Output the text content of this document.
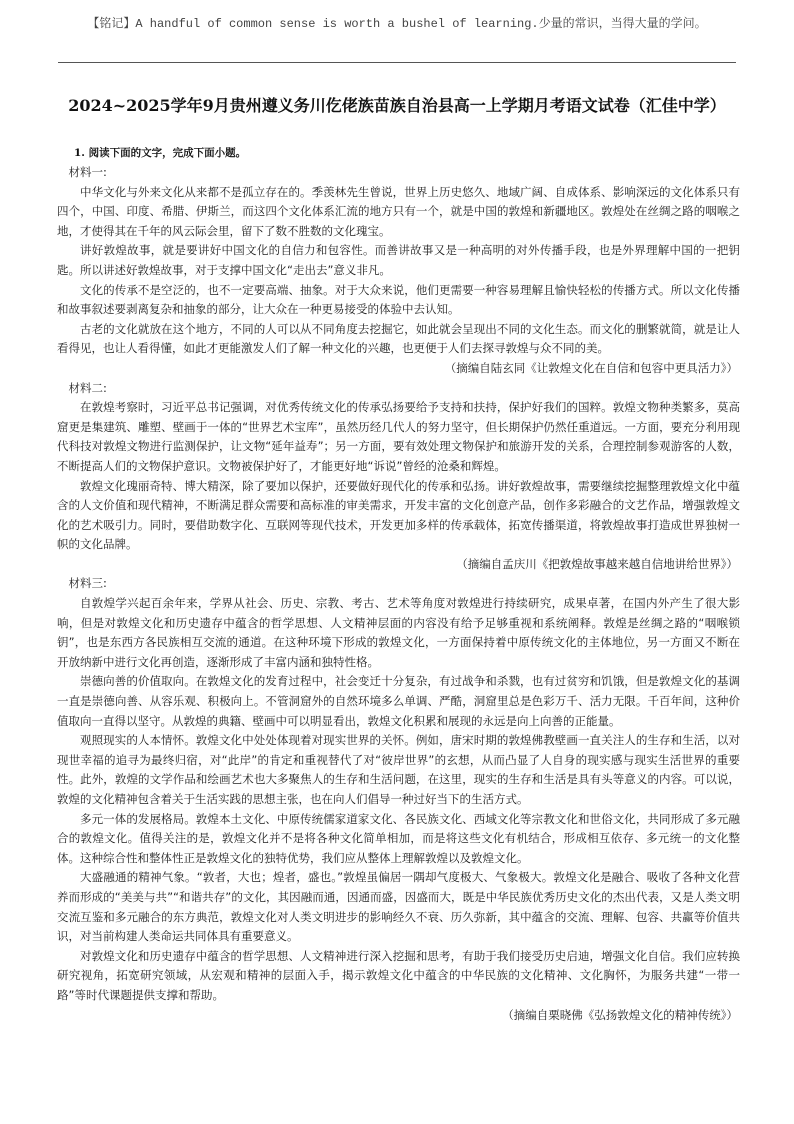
【铭记】A handful of common sense is worth a bushel of learning.少量的常识，当得大量的学问。
2024~2025学年9月贵州遵义务川仡佬族苗族自治县高一上学期月考语文试卷（汇佳中学）
1. 阅读下面的文字，完成下面小题。

材料一:

中华文化与外来文化从来都不是孤立存在的。季羡林先生曾说，世界上历史悠久、地域广阔、自成体系、影响深远的文化体系只有四个，中国、印度、希腊、伊斯兰，而这四个文化体系汇流的地方只有一个，就是中国的敦煌和新疆地区。敦煌处在丝绸之路的咽喉之地，才使得其在千年的风云际会里，留下了数不胜数的文化瑰宝。

讲好敦煌故事，就是要讲好中国文化的自信力和包容性。而善讲故事又是一种高明的对外传播手段，也是外界理解中国的一把钥匙。所以讲述好敦煌故事，对于支撑中国文化“走出去”意义非凡。

文化的传承不是空泛的，也不一定要高端、抽象。对于大众来说，他们更需要一种容易理解且愉快轻松的传播方式。所以文化传播和故事叙述要剥离复杂和抽象的部分，让大众在一种更易接受的体验中去认知。

古老的文化就放在这个地方，不同的人可以从不同角度去挖掘它，如此就会呈现出不同的文化生态。而文化的删繁就简，就是让人看得见，也让人看得懂，如此才更能激发人们了解一种文化的兴趣，也更便于人们去探寻敦煌与众不同的美。

（摘编自陆玄同《让敦煌文化在自信和包容中更具活力》）

材料二:

在敦煌考察时，习近平总书记强调，对优秀传统文化的传承弘扬要给予支持和扶持，保护好我们的国粹。敦煌文物种类繁多，莫高窟更是集建筑、雕塑、壁画于一体的“世界艺术宝库”，虽然历经几代人的努力坚守，但长期保护仍然任重道远。一方面，要充分利用现代科技对敦煌文物进行监测保护，让文物“延年益寿”；另一方面，要有效处理文物保护和旅游开发的关系，合理控制参观游客的人数，不断提高人们的文物保护意识。文物被保护好了，才能更好地“诉说”曾经的沧桑和辉煌。

敦煌文化瑰丽奇特、博大精深，除了要加以保护，还要做好现代化的传承和弘扬。讲好敦煌故事，需要继续挖掘整理敦煌文化中蕴含的人文价值和现代精神，不断满足群众需要和高标准的审美需求，开发丰富的文化创意产品，创作多彩融合的文艺作品，增强敦煌文化的艺术吸引力。同时，要借助数字化、互联网等现代技术，开发更加多样的传承载体，拓宽传播渠道，将敦煌故事打造成世界独树一帜的文化品牌。

（摘编自孟庆川《把敦煌故事越来越自信地讲给世界》）

材料三:

自敦煌学兴起百余年来，学界从社会、历史、宗教、考古、艺术等角度对敦煌进行持续研究，成果卓著，在国内外产生了很大影响，但是对敦煌文化和历史遗存中蕴含的哲学思想、人文精神层面的内容没有给予足够重视和系统阐释。敦煌是丝绸之路的“咽喉锁钥”，也是东西方各民族相互交流的通道。在这种环境下形成的敦煌文化，一方面保持着中原传统文化的主体地位，另一方面又不断在开放纳新中进行文化再创造，逐渐形成了丰富内涵和独特性格。

崇德向善的价值取向。在敦煌文化的发育过程中，社会变迁十分复杂，有过战争和杀戮，也有过贫穷和饥饿，但是敦煌文化的基调一直是崇德向善、从容乐观、积极向上。不管洞窟外的自然环境多么单调、严酷，洞窟里总是色彩万千、活力无限。千百年间，这种价值取向一直得以坚守。从敦煌的典籍、壁画中可以明显看出，敦煌文化积累和展现的永远是向上向善的正能量。

观照现实的人本情怀。敦煌文化中处处体现着对现实世界的关怀。例如，唐宋时期的敦煌佛教壁画一直关注人的生存和生活，以对现世幸福的追寻为最终归宿，对“此岸”的肯定和重视替代了对“彼岸世界”的玄想，从而凸显了人自身的现实感与现实生活世界的重要性。此外，敦煌的文学作品和绘画艺术也大多聚焦人的生存和生活问题，在这里，现实的生存和生活是具有头等意义的内容。可以说，敦煌的文化精神包含着关于生活实践的思想主张，也在向人们倡导一种过好当下的生活方式。

多元一体的发展格局。敦煌本土文化、中原传统儒家道家文化、各民族文化、西域文化等宗教文化和世俗文化，共同形成了多元融合的敦煌文化。值得关注的是，敦煌文化并不是将各种文化简单相加，而是将这些文化有机结合，形成相互依存、多元统一的文化整体。这种综合性和整体性正是敦煌文化的独特优势，我们应从整体上理解敦煌以及敦煌文化。

大盛融通的精神气象。“敦者，大也；煌者，盛也。”敦煌虽偏居一隅却气度极大、气象极大。敦煌文化是融合、吸收了各种文化营养而形成的“美美与共”“和谐共存”的文化，其因融而通，因通而盛，因盛而大，既是中华民族优秀历史文化的杰出代表，又是人类文明交流互鉴和多元融合的东方典范，敦煌文化对人类文明进步的影响经久不衰、历久弥新，其中蕴含的交流、理解、包容、共赢等价值共识，对当前构建人类命运共同体具有重要意义。

对敦煌文化和历史遗存中蕴含的哲学思想、人文精神进行深入挖掘和思考，有助于我们接受历史启迪，增强文化自信。我们应转换研究视角，拓宽研究领域，从宏观和精神的层面入手，揭示敦煌文化中蕴含的中华民族的文化精神、文化胸怀，为服务共建“一带一路”等时代课题提供支撑和帮助。

（摘编自栗晓佛《弘扬敦煌文化的精神传统》）
